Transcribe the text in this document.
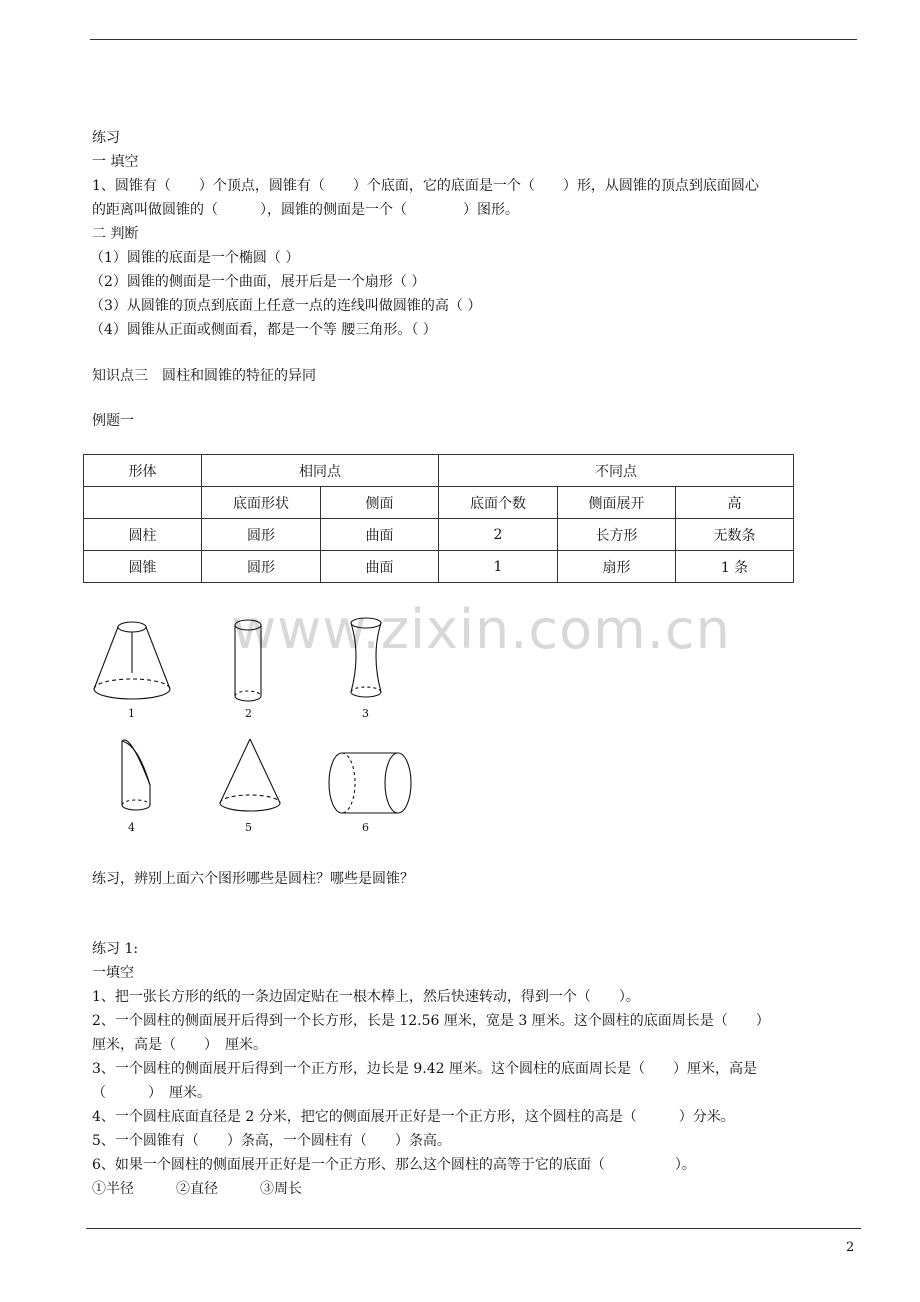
练习
一 填空
1、圆锥有（　　）个顶点，圆锥有（　　）个底面，它的底面是一个（　　）形，从圆锥的顶点到底面圆心
的距离叫做圆锥的（　　　），圆锥的侧面是一个（　　　　）图形。
二 判断
（1）圆锥的底面是一个椭圆（ ）
（2）圆锥的侧面是一个曲面，展开后是一个扇形（ ）
（3）从圆锥的顶点到底面上任意一点的连线叫做圆锥的高（ ）
（4）圆锥从正面或侧面看，都是一个等 腰三角形。（ ）
知识点三　圆柱和圆锥的特征的异同
例题一
形体	相同点		不同点		
	底面形状	侧面	底面个数	侧面展开	高
圆柱	圆形	曲面	2	长方形	无数条
圆锥	圆形	曲面	1	扇形	1 条
www.zixin.com.cn
1	2	3
4	5	6
练习，辨别上面六个图形哪些是圆柱？哪些是圆锥？
练习 1:
一填空
1、把一张长方形的纸的一条边固定贴在一根木棒上，然后快速转动，得到一个（　　）。
2、一个圆柱的侧面展开后得到一个长方形，长是 12.56 厘米，宽是 3 厘米。这个圆柱的底面周长是（　　）
厘米，高是（　　）　厘米。
3、一个圆柱的侧面展开后得到一个正方形，边长是 9.42 厘米。这个圆柱的底面周长是（　　）厘米，高是
（　　　）　厘米。
4、一个圆柱底面直径是 2 分米，把它的侧面展开正好是一个正方形，这个圆柱的高是（　　　）分米。
5、一个圆锥有（　　）条高，一个圆柱有（　　）条高。
6、如果一个圆柱的侧面展开正好是一个正方形、那么这个圆柱的高等于它的底面（　　　　　）。
①半径　　　②直径　　　③周长
2
